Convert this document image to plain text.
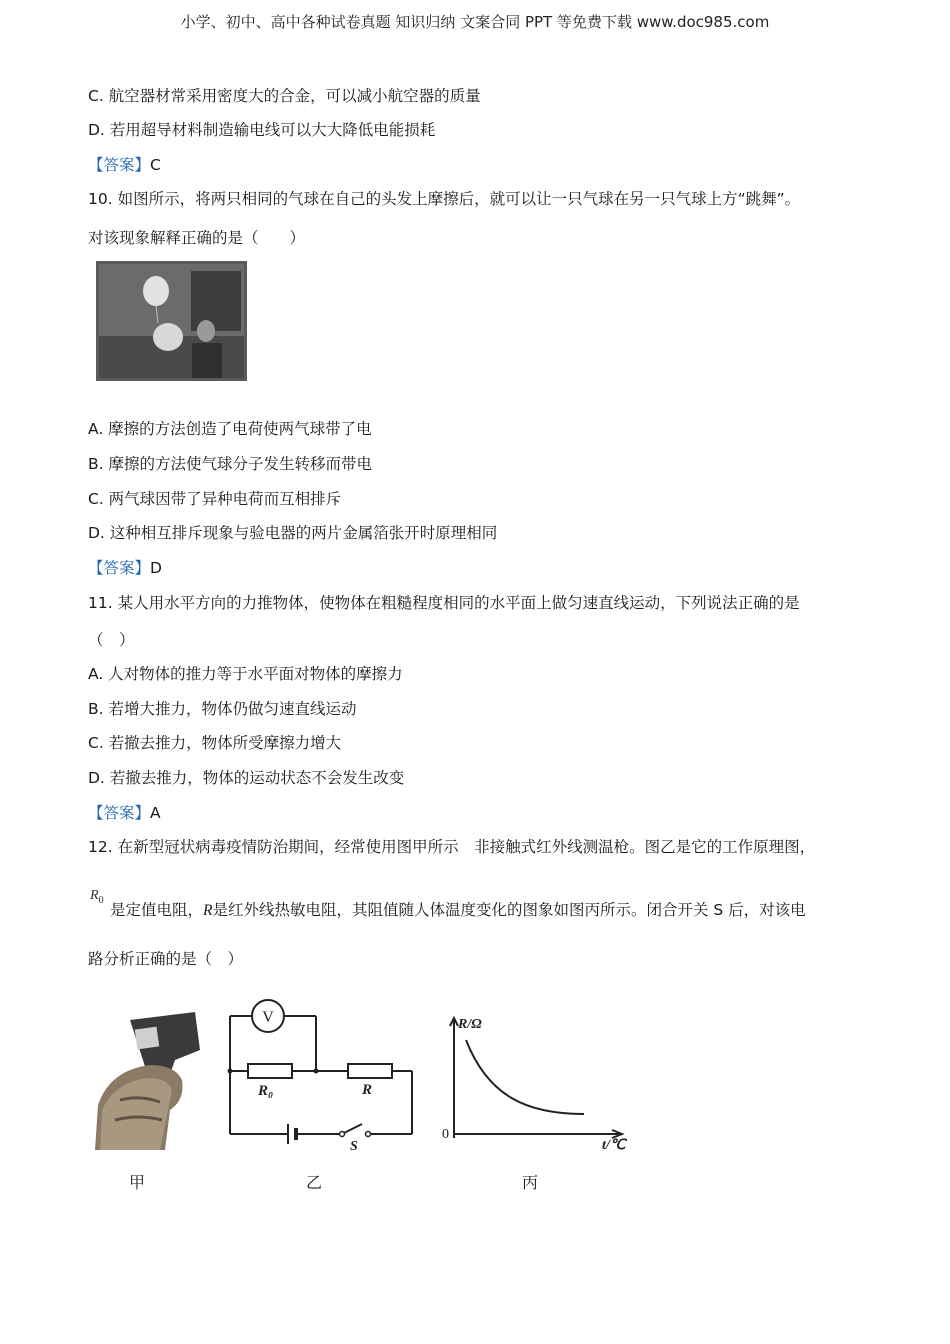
小学、初中、高中各种试卷真题 知识归纳 文案合同 PPT 等免费下载 www.doc985.com
C. 航空器材常采用密度大的合金，可以减小航空器的质量
D. 若用超导材料制造输电线可以大大降低电能损耗
【答案】C
10. 如图所示，将两只相同的气球在自己的头发上摩擦后，就可以让一只气球在另一只气球上方“跳舞”。
对该现象解释正确的是（　　）
A. 摩擦的方法创造了电荷使两气球带了电
B. 摩擦的方法使气球分子发生转移而带电
C. 两气球因带了异种电荷而互相排斥
D. 这种相互排斥现象与验电器的两片金属箔张开时原理相同
【答案】D
11. 某人用水平方向的力推物体，使物体在粗糙程度相同的水平面上做匀速直线运动，下列说法正确的是
（　）
A. 人对物体的推力等于水平面对物体的摩擦力
B. 若增大推力，物体仍做匀速直线运动
C. 若撤去推力，物体所受摩擦力增大
D. 若撤去推力，物体的运动状态不会发生改变
【答案】A
12. 在新型冠状病毒疫情防治期间，经常使用图甲所示　非接触式红外线测温枪。图乙是它的工作原理图，
$R_0$
是定值电阻，R是红外线热敏电阻，其阻值随人体温度变化的图象如图丙所示。闭合开关 S 后，对该电
路分析正确的是（　）
V
R₀	R
S
R/Ω
t/℃
0
甲	乙	丙
